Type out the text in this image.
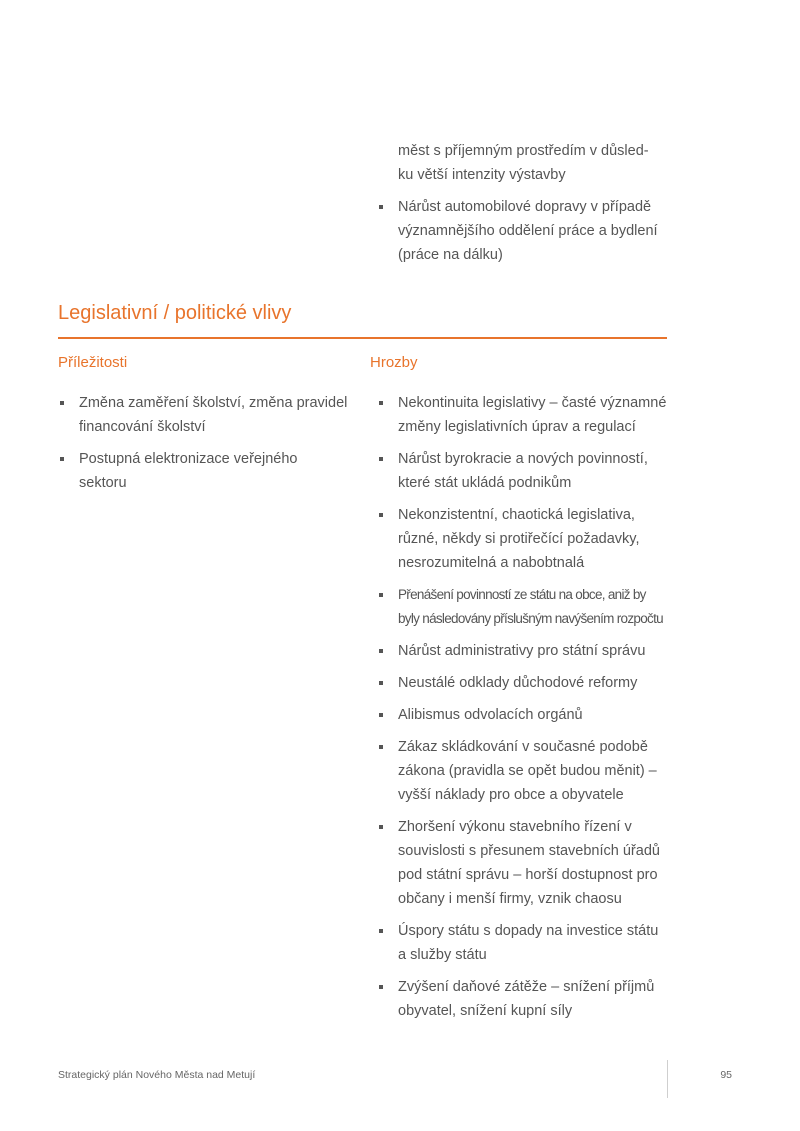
měst s příjemným prostředím v důsled-
ku větší intenzity výstavby

Nárůst automobilové dopravy v případě významnějšího oddělení práce a bydlení (práce na dálku)
Legislativní / politické vlivy
Příležitosti	Hrozby
Změna zaměření školství, změna pravidel financování školství
Postupná elektronizace veřejného sektoru
Nekontinuita legislativy – časté významné změny legislativních úprav a regulací
Nárůst byrokracie a nových povinností, které stát ukládá podnikům
Nekonzistentní, chaotická legislativa, různé, někdy si protiřečící požadavky, nesrozumitelná a nabobtnalá
Přenášení povinností ze státu na obce, aniž by byly následovány příslušným navýšením rozpočtu
Nárůst administrativy pro státní správu
Neustálé odklady důchodové reformy
Alibismus odvolacích orgánů
Zákaz skládkování v současné podobě zákona (pravidla se opět budou měnit) – vyšší náklady pro obce a obyvatele
Zhoršení výkonu stavebního řízení v souvislosti s přesunem stavebních úřadů pod státní správu – horší dostupnost pro občany i menší firmy, vznik chaosu
Úspory státu s dopady na investice státu a služby státu
Zvýšení daňové zátěže – snížení příjmů obyvatel, snížení kupní síly
Strategický plán Nového Města nad Metují	95
